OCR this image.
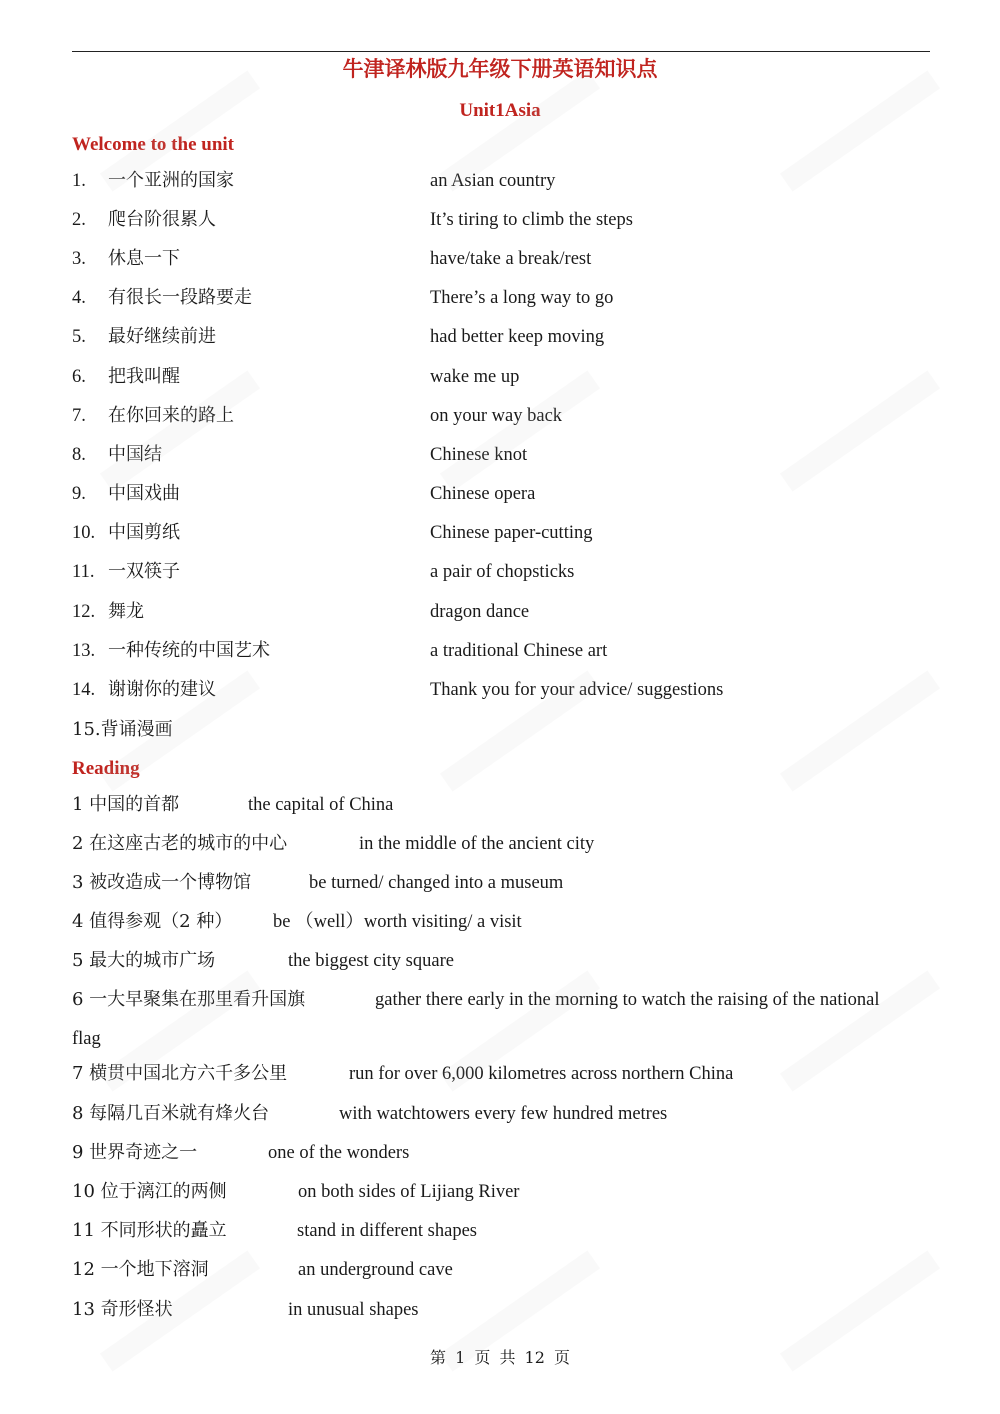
牛津译林版九年级下册英语知识点
Unit1Asia
Welcome to the unit
1. 一个亚洲的国家	an Asian country
2. 爬台阶很累人	It’s tiring to climb the steps
3. 休息一下	have/take a break/rest
4. 有很长一段路要走	There’s a long way to go
5. 最好继续前进	had better keep moving
6. 把我叫醒	wake me up
7. 在你回来的路上	on your way back
8. 中国结	Chinese knot
9. 中国戏曲	Chinese opera
10. 中国剪纸	Chinese paper-cutting
11. 一双筷子	a pair of chopsticks
12. 舞龙	dragon dance
13. 一种传统的中国艺术	a traditional Chinese art
14. 谢谢你的建议	Thank you for your advice/ suggestions
15.背诵漫画
Reading
1 中国的首都	the capital of China
2 在这座古老的城市的中心	in the middle of the ancient city
3 被改造成一个博物馆	be turned/ changed into a museum
4 值得参观（2 种） be （well）worth visiting/ a visit
5 最大的城市广场	the biggest city square
6 一大早聚集在那里看升国旗	gather there early in the morning to watch the raising of the national
flag
7 横贯中国北方六千多公里	run for over 6,000 kilometres across northern China
8 每隔几百米就有烽火台	with watchtowers every few hundred metres
9 世界奇迹之一	one of the wonders
10 位于漓江的两侧	on both sides of Lijiang River
11 不同形状的矗立	stand in different shapes
12 一个地下溶洞	an underground cave
13 奇形怪状	in unusual shapes
第 1 页 共 12 页
